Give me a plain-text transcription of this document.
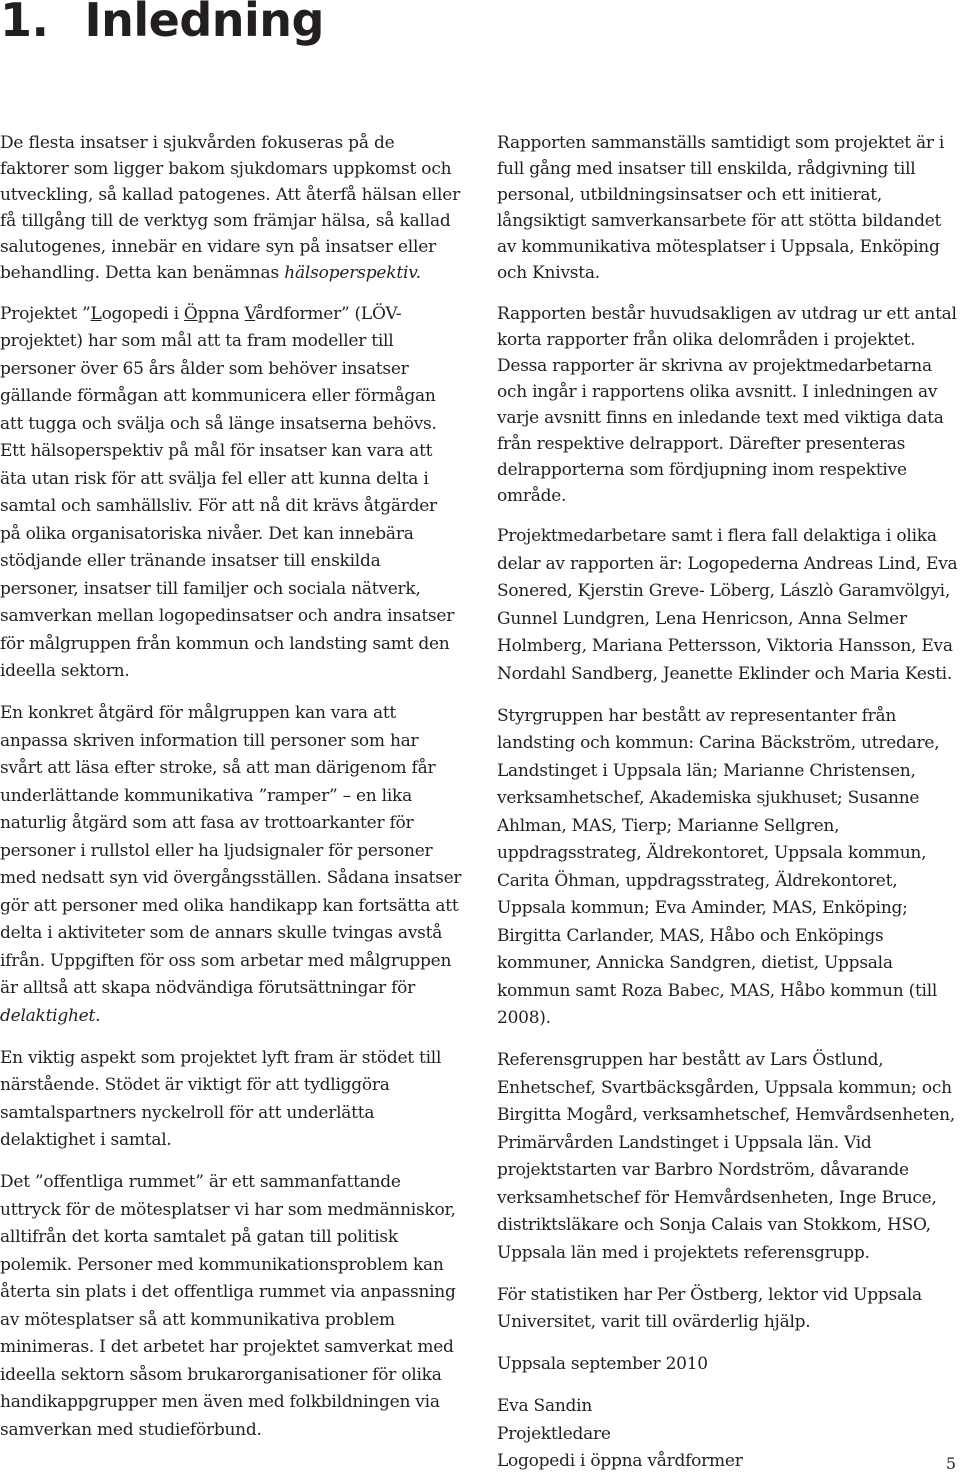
1. Inledning

De flesta insatser i sjukvården fokuseras på de faktorer som ligger bakom sjukdomars uppkomst och utveckling, så kallad patogenes. Att återfå hälsan eller få tillgång till de verktyg som främjar hälsa, så kallad salutogenes, innebär en vidare syn på insatser eller behandling. Detta kan benämnas hälsoperspektiv.

Projektet ”Logopedi i Öppna Vårdformer” (LÖV-projektet) har som mål att ta fram modeller till personer över 65 års ålder som behöver insatser gällande förmågan att kommunicera eller förmågan att tugga och svälja och så länge insatserna behövs. Ett hälsoperspektiv på mål för insatser kan vara att äta utan risk för att svälja fel eller att kunna delta i samtal och samhällsliv. För att nå dit krävs åtgärder på olika organisatoriska nivåer. Det kan innebära stödjande eller tränande insatser till enskilda personer, insatser till familjer och sociala nätverk, samverkan mellan logopedinsatser och andra insatser för målgruppen från kommun och landsting samt den ideella sektorn.

En konkret åtgärd för målgruppen kan vara att anpassa skriven information till personer som har svårt att läsa efter stroke, så att man därigenom får underlättande kommunikativa ”ramper” – en lika naturlig åtgärd som att fasa av trottoarkanter för personer i rullstol eller ha ljudsignaler för personer med nedsatt syn vid övergångsställen. Sådana insatser gör att personer med olika handikapp kan fortsätta att delta i aktiviteter som de annars skulle tvingas avstå ifrån. Uppgiften för oss som arbetar med målgruppen är alltså att skapa nödvändiga förutsättningar för delaktighet.

En viktig aspekt som projektet lyft fram är stödet till närstående. Stödet är viktigt för att tydliggöra samtalspartners nyckelroll för att underlätta delaktighet i samtal.

Det ”offentliga rummet” är ett sammanfattande uttryck för de mötesplatser vi har som medmänniskor, alltifrån det korta samtalet på gatan till politisk polemik. Personer med kommunikationsproblem kan återta sin plats i det offentliga rummet via anpassning av mötesplatser så att kommunikativa problem minimeras. I det arbetet har projektet samverkat med ideella sektorn såsom brukarorganisationer för olika handikappgrupper men även med folkbildningen via samverkan med studieförbund.

Rapporten sammanställs samtidigt som projektet är i full gång med insatser till enskilda, rådgivning till personal, utbildningsinsatser och ett initierat, långsiktigt samverkansarbete för att stötta bildandet av kommunikativa mötesplatser i Uppsala, Enköping och Knivsta.

Rapporten består huvudsakligen av utdrag ur ett antal korta rapporter från olika delområden i projektet. Dessa rapporter är skrivna av projektmedarbetarna och ingår i rapportens olika avsnitt. I inledningen av varje avsnitt finns en inledande text med viktiga data från respektive delrapport. Därefter presenteras delrapporterna som fördjupning inom respektive område.

Projektmedarbetare samt i flera fall delaktiga i olika delar av rapporten är: Logopederna Andreas Lind, Eva Sonered, Kjerstin Greve- Löberg, Lászlò Garamvölgyi, Gunnel Lundgren, Lena Henricson, Anna Selmer Holmberg, Mariana Pettersson, Viktoria Hansson, Eva Nordahl Sandberg, Jeanette Eklinder och Maria Kesti.

Styrgruppen har bestått av representanter från landsting och kommun: Carina Bäckström, utredare, Landstinget i Uppsala län; Marianne Christensen, verksamhetschef, Akademiska sjukhuset; Susanne Ahlman, MAS, Tierp; Marianne Sellgren, uppdragsstrateg, Äldrekontoret, Uppsala kommun, Carita Öhman, uppdragsstrateg, Äldrekontoret, Uppsala kommun; Eva Aminder, MAS, Enköping; Birgitta Carlander, MAS, Håbo och Enköpings kommuner, Annicka Sandgren, dietist, Uppsala kommun samt Roza Babec, MAS, Håbo kommun (till 2008).

Referensgruppen har bestått av Lars Östlund, Enhetschef, Svartbäcksgården, Uppsala kommun; och Birgitta Mogård, verksamhetschef, Hemvårdsenheten, Primärvården Landstinget i Uppsala län. Vid projektstarten var Barbro Nordström, dåvarande verksamhetschef för Hemvårdsenheten, Inge Bruce, distriktsläkare och Sonja Calais van Stokkom, HSO, Uppsala län med i projektets referensgrupp.

För statistiken har Per Östberg, lektor vid Uppsala Universitet, varit till ovärderlig hjälp.

Uppsala september 2010

Eva Sandin

Projektledare

Logopedi i öppna vårdformer	5
